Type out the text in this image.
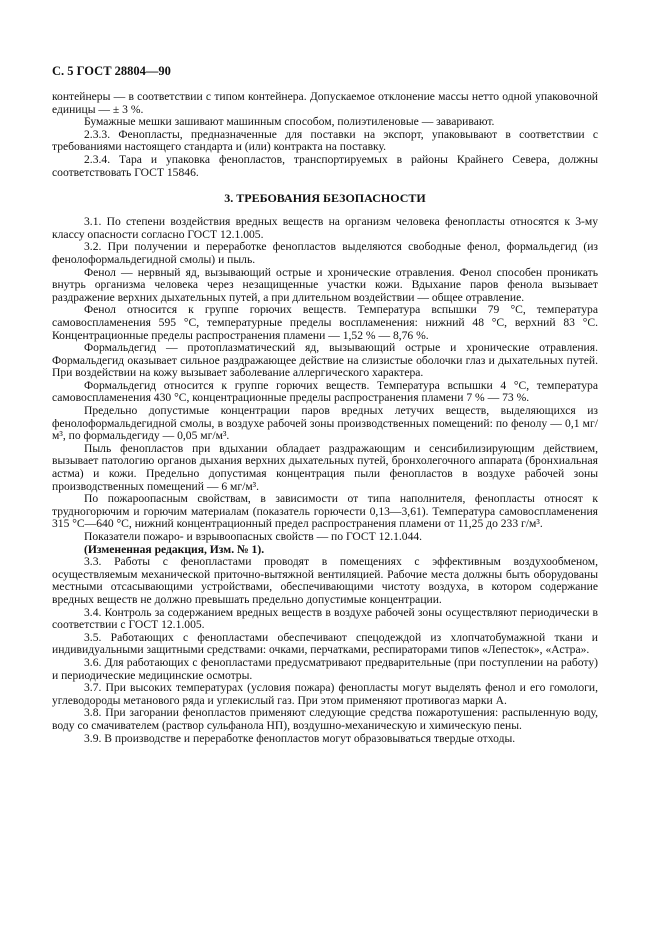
С. 5 ГОСТ 28804—90

контейнеры — в соответствии с типом контейнера. Допускаемое отклонение массы нетто одной упаковочной единицы — ± 3 %.

Бумажные мешки зашивают машинным способом, полиэтиленовые — заваривают.

2.3.3. Фенопласты, предназначенные для поставки на экспорт, упаковывают в соответствии с требованиями настоящего стандарта и (или) контракта на поставку.

2.3.4. Тара и упаковка фенопластов, транспортируемых в районы Крайнего Севера, должны соответствовать ГОСТ 15846.

3. ТРЕБОВАНИЯ БЕЗОПАСНОСТИ

3.1. По степени воздействия вредных веществ на организм человека фенопласты относятся к 3-му классу опасности согласно ГОСТ 12.1.005.

3.2. При получении и переработке фенопластов выделяются свободные фенол, формальдегид (из фенолоформальдегидной смолы) и пыль.

Фенол — нервный яд, вызывающий острые и хронические отравления. Фенол способен проникать внутрь организма человека через незащищенные участки кожи. Вдыхание паров фенола вызывает раздражение верхних дыхательных путей, а при длительном воздействии — общее отравление.

Фенол относится к группе горючих веществ. Температура вспышки 79 °С, температура самовоспламенения 595 °С, температурные пределы воспламенения: нижний 48 °С, верхний 83 °С. Концентрационные пределы распространения пламени — 1,52 % — 8,76 %.

Формальдегид — протоплазматический яд, вызывающий острые и хронические отравления. Формальдегид оказывает сильное раздражающее действие на слизистые оболочки глаз и дыхательных путей. При воздействии на кожу вызывает заболевание аллергического характера.

Формальдегид относится к группе горючих веществ. Температура вспышки 4 °С, температура самовоспламенения 430 °С, концентрационные пределы распространения пламени 7 % — 73 %.

Предельно допустимые концентрации паров вредных летучих веществ, выделяющихся из фенолоформальдегидной смолы, в воздухе рабочей зоны производственных помещений: по фенолу — 0,1 мг/м³, по формальдегиду — 0,05 мг/м³.

Пыль фенопластов при вдыхании обладает раздражающим и сенсибилизирующим действием, вызывает патологию органов дыхания верхних дыхательных путей, бронхолегочного аппарата (бронхиальная астма) и кожи. Предельно допустимая концентрация пыли фенопластов в воздухе рабочей зоны производственных помещений — 6 мг/м³.

По пожароопасным свойствам, в зависимости от типа наполнителя, фенопласты относят к трудногорючим и горючим материалам (показатель горючести 0,13—3,61). Температура самовоспламенения 315 °С—640 °С, нижний концентрационный предел распространения пламени от 11,25 до 233 г/м³.

Показатели пожаро- и взрывоопасных свойств — по ГОСТ 12.1.044.

(Измененная редакция, Изм. № 1).

3.3. Работы с фенопластами проводят в помещениях с эффективным воздухообменом, осуществляемым механической приточно-вытяжной вентиляцией. Рабочие места должны быть оборудованы местными отсасывающими устройствами, обеспечивающими чистоту воздуха, в котором содержание вредных веществ не должно превышать предельно допустимые концентрации.

3.4. Контроль за содержанием вредных веществ в воздухе рабочей зоны осуществляют периодически в соответствии с ГОСТ 12.1.005.

3.5. Работающих с фенопластами обеспечивают спецодеждой из хлопчатобумажной ткани и индивидуальными защитными средствами: очками, перчатками, респираторами типов «Лепесток», «Астра».

3.6. Для работающих с фенопластами предусматривают предварительные (при поступлении на работу) и периодические медицинские осмотры.

3.7. При высоких температурах (условия пожара) фенопласты могут выделять фенол и его гомологи, углеводороды метанового ряда и углекислый газ. При этом применяют противогаз марки А.

3.8. При загорании фенопластов применяют следующие средства пожаротушения: распыленную воду, воду со смачивателем (раствор сульфанола НП), воздушно-механическую и химическую пены.

3.9. В производстве и переработке фенопластов могут образовываться твердые отходы.
